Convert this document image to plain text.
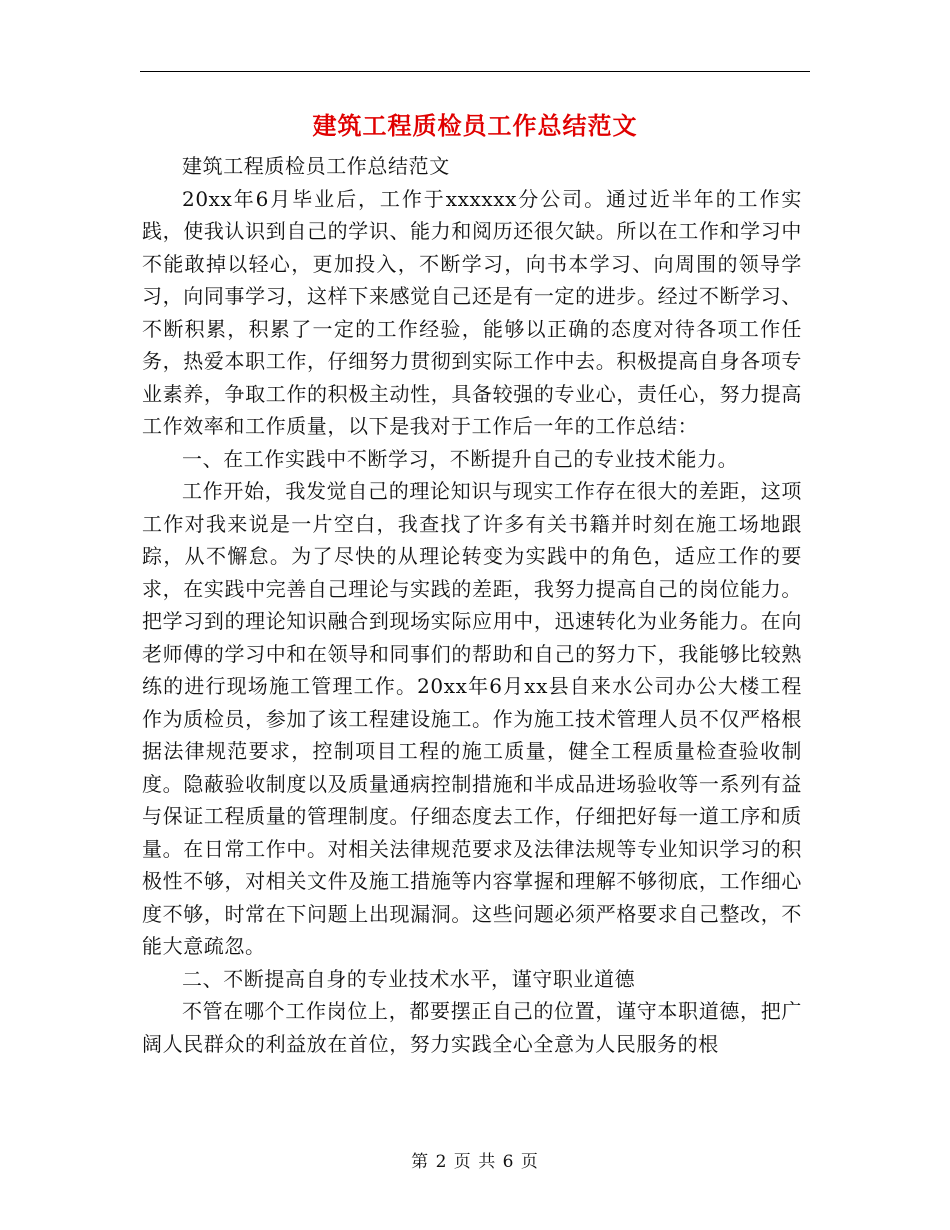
建筑工程质检员工作总结范文

建筑工程质检员工作总结范文

20xx年6月毕业后，工作于xxxxxx分公司。通过近半年的工作实践，使我认识到自己的学识、能力和阅历还很欠缺。所以在工作和学习中不能敢掉以轻心，更加投入，不断学习，向书本学习、向周围的领导学习，向同事学习，这样下来感觉自己还是有一定的进步。经过不断学习、不断积累，积累了一定的工作经验，能够以正确的态度对待各项工作任务，热爱本职工作，仔细努力贯彻到实际工作中去。积极提高自身各项专业素养，争取工作的积极主动性，具备较强的专业心，责任心，努力提高工作效率和工作质量，以下是我对于工作后一年的工作总结：

一、在工作实践中不断学习，不断提升自己的专业技术能力。

工作开始，我发觉自己的理论知识与现实工作存在很大的差距，这项工作对我来说是一片空白，我查找了许多有关书籍并时刻在施工场地跟踪，从不懈怠。为了尽快的从理论转变为实践中的角色，适应工作的要求，在实践中完善自己理论与实践的差距，我努力提高自己的岗位能力。把学习到的理论知识融合到现场实际应用中，迅速转化为业务能力。在向老师傅的学习中和在领导和同事们的帮助和自己的努力下，我能够比较熟练的进行现场施工管理工作。20xx年6月xx县自来水公司办公大楼工程作为质检员，参加了该工程建设施工。作为施工技术管理人员不仅严格根据法律规范要求，控制项目工程的施工质量，健全工程质量检查验收制度。隐蔽验收制度以及质量通病控制措施和半成品进场验收等一系列有益与保证工程质量的管理制度。仔细态度去工作，仔细把好每一道工序和质量。在日常工作中。对相关法律规范要求及法律法规等专业知识学习的积极性不够，对相关文件及施工措施等内容掌握和理解不够彻底，工作细心度不够，时常在下问题上出现漏洞。这些问题必须严格要求自己整改，不能大意疏忽。

二、不断提高自身的专业技术水平，谨守职业道德

不管在哪个工作岗位上，都要摆正自己的位置，谨守本职道德，把广阔人民群众的利益放在首位，努力实践全心全意为人民服务的根

第 2 页 共 6 页
